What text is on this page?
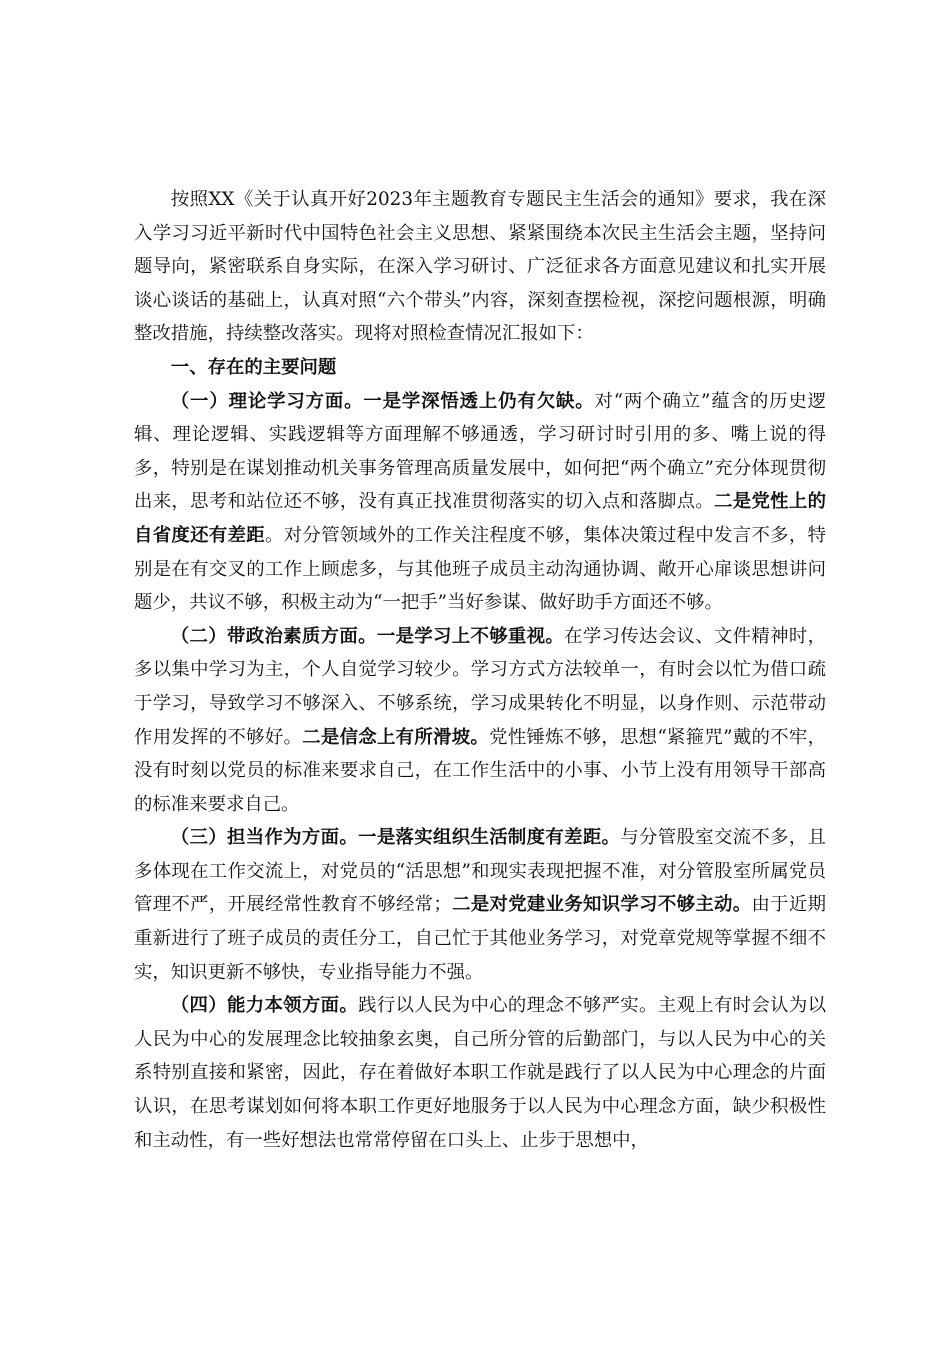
按照XX《关于认真开好2023年主题教育专题民主生活会的通知》要求，我在深入学习习近平新时代中国特色社会主义思想、紧紧围绕本次民主生活会主题，坚持问题导向，紧密联系自身实际，在深入学习研讨、广泛征求各方面意见建议和扎实开展谈心谈话的基础上，认真对照“六个带头”内容，深刻查摆检视，深挖问题根源，明确整改措施，持续整改落实。现将对照检查情况汇报如下：

一、存在的主要问题

（一）理论学习方面。一是学深悟透上仍有欠缺。对“两个确立”蕴含的历史逻辑、理论逻辑、实践逻辑等方面理解不够通透，学习研讨时引用的多、嘴上说的得多，特别是在谋划推动机关事务管理高质量发展中，如何把“两个确立”充分体现贯彻出来，思考和站位还不够，没有真正找准贯彻落实的切入点和落脚点。二是党性上的自省度还有差距。对分管领域外的工作关注程度不够，集体决策过程中发言不多，特别是在有交叉的工作上顾虑多，与其他班子成员主动沟通协调、敞开心扉谈思想讲问题少，共议不够，积极主动为“一把手”当好参谋、做好助手方面还不够。

（二）带政治素质方面。一是学习上不够重视。在学习传达会议、文件精神时，多以集中学习为主，个人自觉学习较少。学习方式方法较单一，有时会以忙为借口疏于学习，导致学习不够深入、不够系统，学习成果转化不明显，以身作则、示范带动作用发挥的不够好。二是信念上有所滑坡。党性锤炼不够，思想“紧箍咒”戴的不牢，没有时刻以党员的标准来要求自己，在工作生活中的小事、小节上没有用领导干部高的标准来要求自己。

（三）担当作为方面。一是落实组织生活制度有差距。与分管股室交流不多，且多体现在工作交流上，对党员的“活思想”和现实表现把握不准，对分管股室所属党员管理不严，开展经常性教育不够经常；二是对党建业务知识学习不够主动。由于近期重新进行了班子成员的责任分工，自己忙于其他业务学习，对党章党规等掌握不细不实，知识更新不够快，专业指导能力不强。

（四）能力本领方面。践行以人民为中心的理念不够严实。主观上有时会认为以人民为中心的发展理念比较抽象玄奥，自己所分管的后勤部门，与以人民为中心的关系特别直接和紧密，因此，存在着做好本职工作就是践行了以人民为中心理念的片面认识，在思考谋划如何将本职工作更好地服务于以人民为中心理念方面，缺少积极性和主动性，有一些好想法也常常停留在口头上、止步于思想中，
